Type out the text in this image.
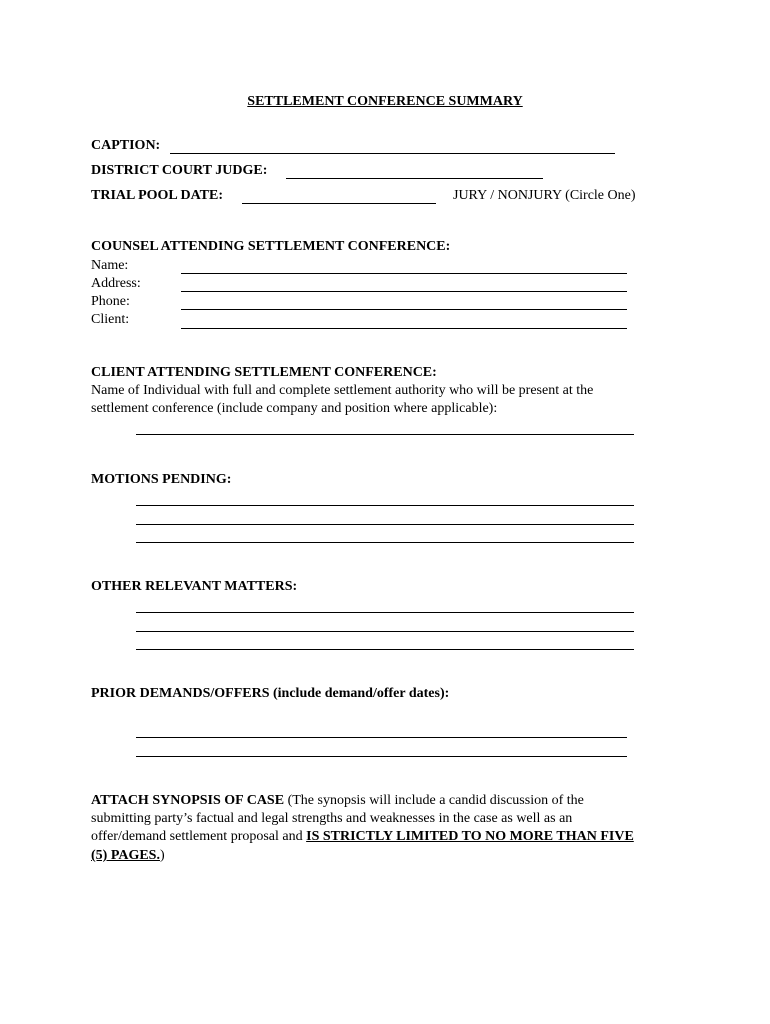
SETTLEMENT CONFERENCE SUMMARY
CAPTION:
DISTRICT COURT JUDGE:
TRIAL POOL DATE:	JURY / NONJURY (Circle One)
COUNSEL ATTENDING SETTLEMENT CONFERENCE:
Name:
Address:
Phone:
Client:
CLIENT ATTENDING SETTLEMENT CONFERENCE:
Name of Individual with full and complete settlement authority who will be present at the
settlement conference (include company and position where applicable):
MOTIONS PENDING:
OTHER RELEVANT MATTERS:
PRIOR DEMANDS/OFFERS (include demand/offer dates):
ATTACH SYNOPSIS OF CASE (The synopsis will include a candid discussion of the
submitting party’s factual and legal strengths and weaknesses in the case as well as an
offer/demand settlement proposal and IS STRICTLY LIMITED TO NO MORE THAN FIVE
(5) PAGES.)
